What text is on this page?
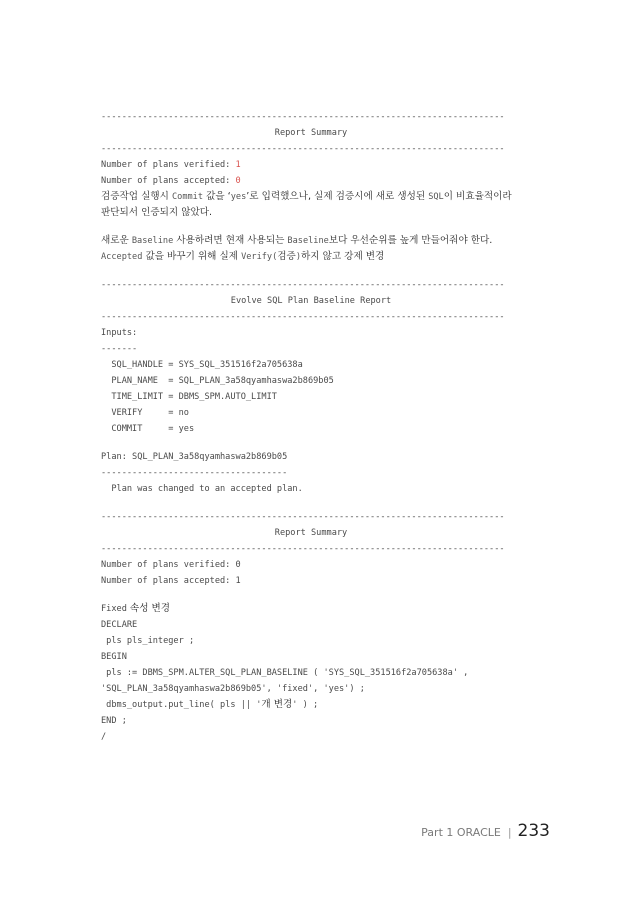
------------------------------------------------------------------------------
Report Summary
------------------------------------------------------------------------------
Number of plans verified: 1
Number of plans accepted: 0
검증작업 실행시 Commit 값을 ‘yes’로 입력했으나, 실제 검증시에 새로 생성된 SQL이 비효율적이라
판단되서 인증되지 않았다.
새로운 Baseline 사용하려면 현재 사용되는 Baseline보다 우선순위를 높게 만들어줘야 한다.
Accepted 값을 바꾸기 위해 실제 Verify(검증)하지 않고 강제 변경
------------------------------------------------------------------------------
Evolve SQL Plan Baseline Report
------------------------------------------------------------------------------
Inputs:
-------
SQL_HANDLE = SYS_SQL_351516f2a705638a
PLAN_NAME  = SQL_PLAN_3a58qyamhaswa2b869b05
TIME_LIMIT = DBMS_SPM.AUTO_LIMIT
VERIFY     = no
COMMIT     = yes
Plan: SQL_PLAN_3a58qyamhaswa2b869b05
------------------------------------
Plan was changed to an accepted plan.
------------------------------------------------------------------------------
Report Summary
------------------------------------------------------------------------------
Number of plans verified: 0
Number of plans accepted: 1
Fixed 속성 변경
DECLARE
pls pls_integer ;
BEGIN
pls := DBMS_SPM.ALTER_SQL_PLAN_BASELINE ( 'SYS_SQL_351516f2a705638a' ,
'SQL_PLAN_3a58qyamhaswa2b869b05', 'fixed', 'yes') ;
dbms_output.put_line( pls || '개 변경' ) ;
END ;
/
Part 1 ORACLE | 233
